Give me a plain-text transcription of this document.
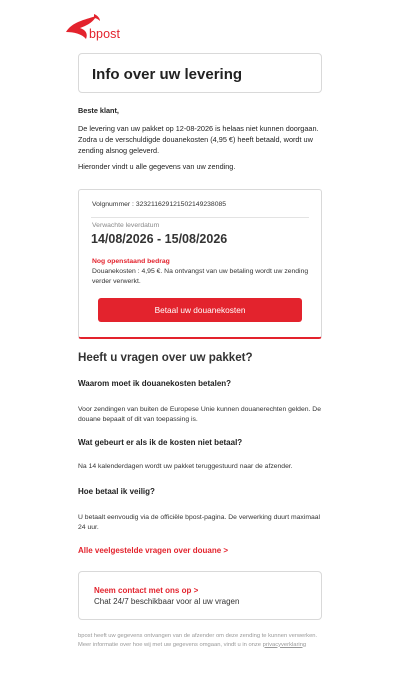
bpost
Info over uw levering
Beste klant,
De levering van uw pakket op 12-08-2026 is helaas niet kunnen doorgaan. Zodra u de verschuldigde douanekosten (4,95 €) heeft betaald, wordt uw zending alsnog geleverd.
Hieronder vindt u alle gegevens van uw zending.
Volgnummer : 323211629121502149238085
Verwachte leverdatum
14/08/2026 - 15/08/2026
Nog openstaand bedrag
Douanekosten : 4,95 €. Na ontvangst van uw betaling wordt uw zending verder verwerkt.
Betaal uw douanekosten
Heeft u vragen over uw pakket?
Waarom moet ik douanekosten betalen?
Voor zendingen van buiten de Europese Unie kunnen douanerechten gelden. De douane bepaalt of dit van toepassing is.
Wat gebeurt er als ik de kosten niet betaal?
Na 14 kalenderdagen wordt uw pakket teruggestuurd naar de afzender.
Hoe betaal ik veilig?
U betaalt eenvoudig via de officiële bpost-pagina. De verwerking duurt maximaal 24 uur.
Alle veelgestelde vragen over douane >
Neem contact met ons op >
Chat 24/7 beschikbaar voor al uw vragen
bpost heeft uw gegevens ontvangen van de afzender om deze zending te kunnen verwerken. Meer informatie over hoe wij met uw gegevens omgaan, vindt u in onze privacyverklaring
